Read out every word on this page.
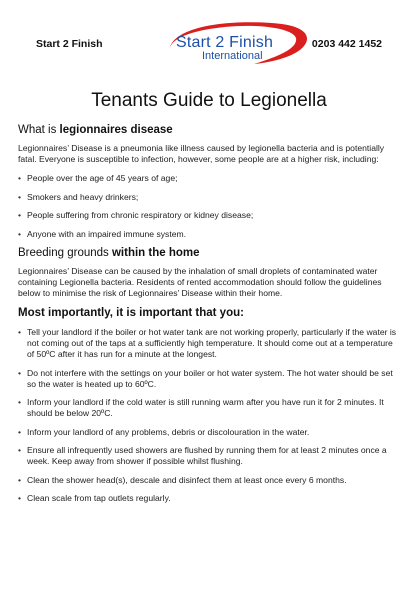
Start 2 Finish	Start 2 Finish
International
0203 442 1452
Tenants Guide to Legionella
What is legionnaires disease

Legionnaires’ Disease is a pneumonia like illness caused by legionella bacteria and is potentially fatal. Everyone is susceptible to infection, however, some people are at a higher risk, including:

• People over the age of 45 years of age;
• Smokers and heavy drinkers;
• People suffering from chronic respiratory or kidney disease;
• Anyone with an impaired immune system.
Breeding grounds within the home

Legionnaires’ Disease can be caused by the inhalation of small droplets of contaminated water containing Legionella bacteria. Residents of rented accommodation should follow the guidelines below to minimise the risk of Legionnaires’ Disease within their home.

Most importantly, it is important that you:
• Tell your landlord if the boiler or hot water tank are not working properly, particularly if the water is not coming out of the taps at a sufficiently high temperature. It should come out at a temperature of 50ºC after it has run for a minute at the longest.
• Do not interfere with the settings on your boiler or hot water system. The hot water should be set so the water is heated up to 60ºC.
• Inform your landlord if the cold water is still running warm after you have run it for 2 minutes. It should be below 20ºC.
• Inform your landlord of any problems, debris or discolouration in the water.
• Ensure all infrequently used showers are flushed by running them for at least 2 minutes once a week. Keep away from shower if possible whilst flushing.
• Clean the shower head(s), descale and disinfect them at least once every 6 months.
• Clean scale from tap outlets regularly.
